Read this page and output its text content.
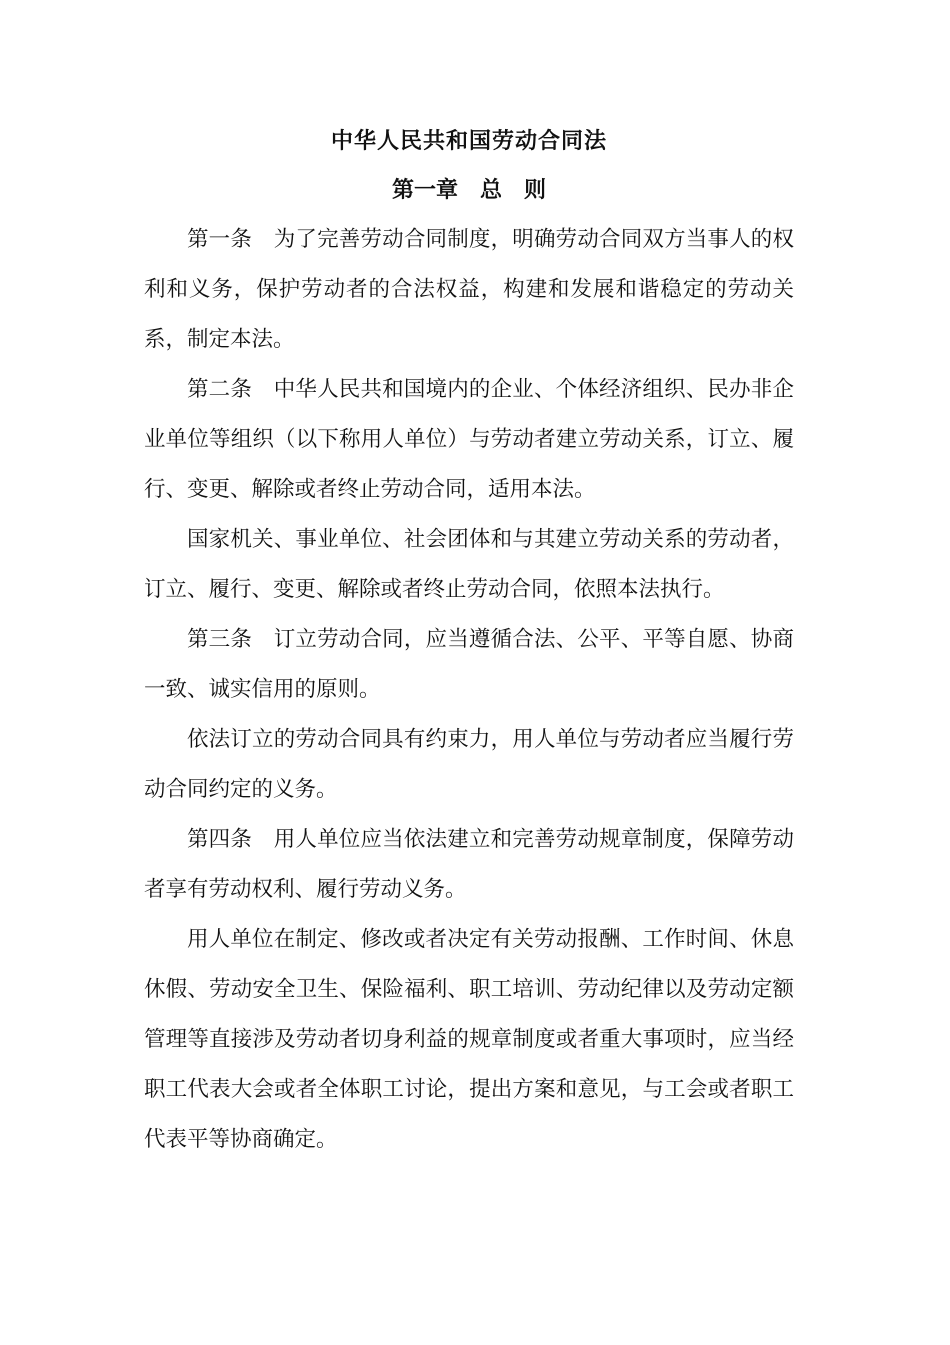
中华人民共和国劳动合同法
第一章　总　则

第一条　为了完善劳动合同制度，明确劳动合同双方当事人的权利和义务，保护劳动者的合法权益，构建和发展和谐稳定的劳动关系，制定本法。

第二条　中华人民共和国境内的企业、个体经济组织、民办非企业单位等组织（以下称用人单位）与劳动者建立劳动关系，订立、履行、变更、解除或者终止劳动合同，适用本法。

国家机关、事业单位、社会团体和与其建立劳动关系的劳动者，订立、履行、变更、解除或者终止劳动合同，依照本法执行。

第三条　订立劳动合同，应当遵循合法、公平、平等自愿、协商一致、诚实信用的原则。

依法订立的劳动合同具有约束力，用人单位与劳动者应当履行劳动合同约定的义务。

第四条　用人单位应当依法建立和完善劳动规章制度，保障劳动者享有劳动权利、履行劳动义务。

用人单位在制定、修改或者决定有关劳动报酬、工作时间、休息休假、劳动安全卫生、保险福利、职工培训、劳动纪律以及劳动定额管理等直接涉及劳动者切身利益的规章制度或者重大事项时，应当经职工代表大会或者全体职工讨论，提出方案和意见，与工会或者职工代表平等协商确定。
